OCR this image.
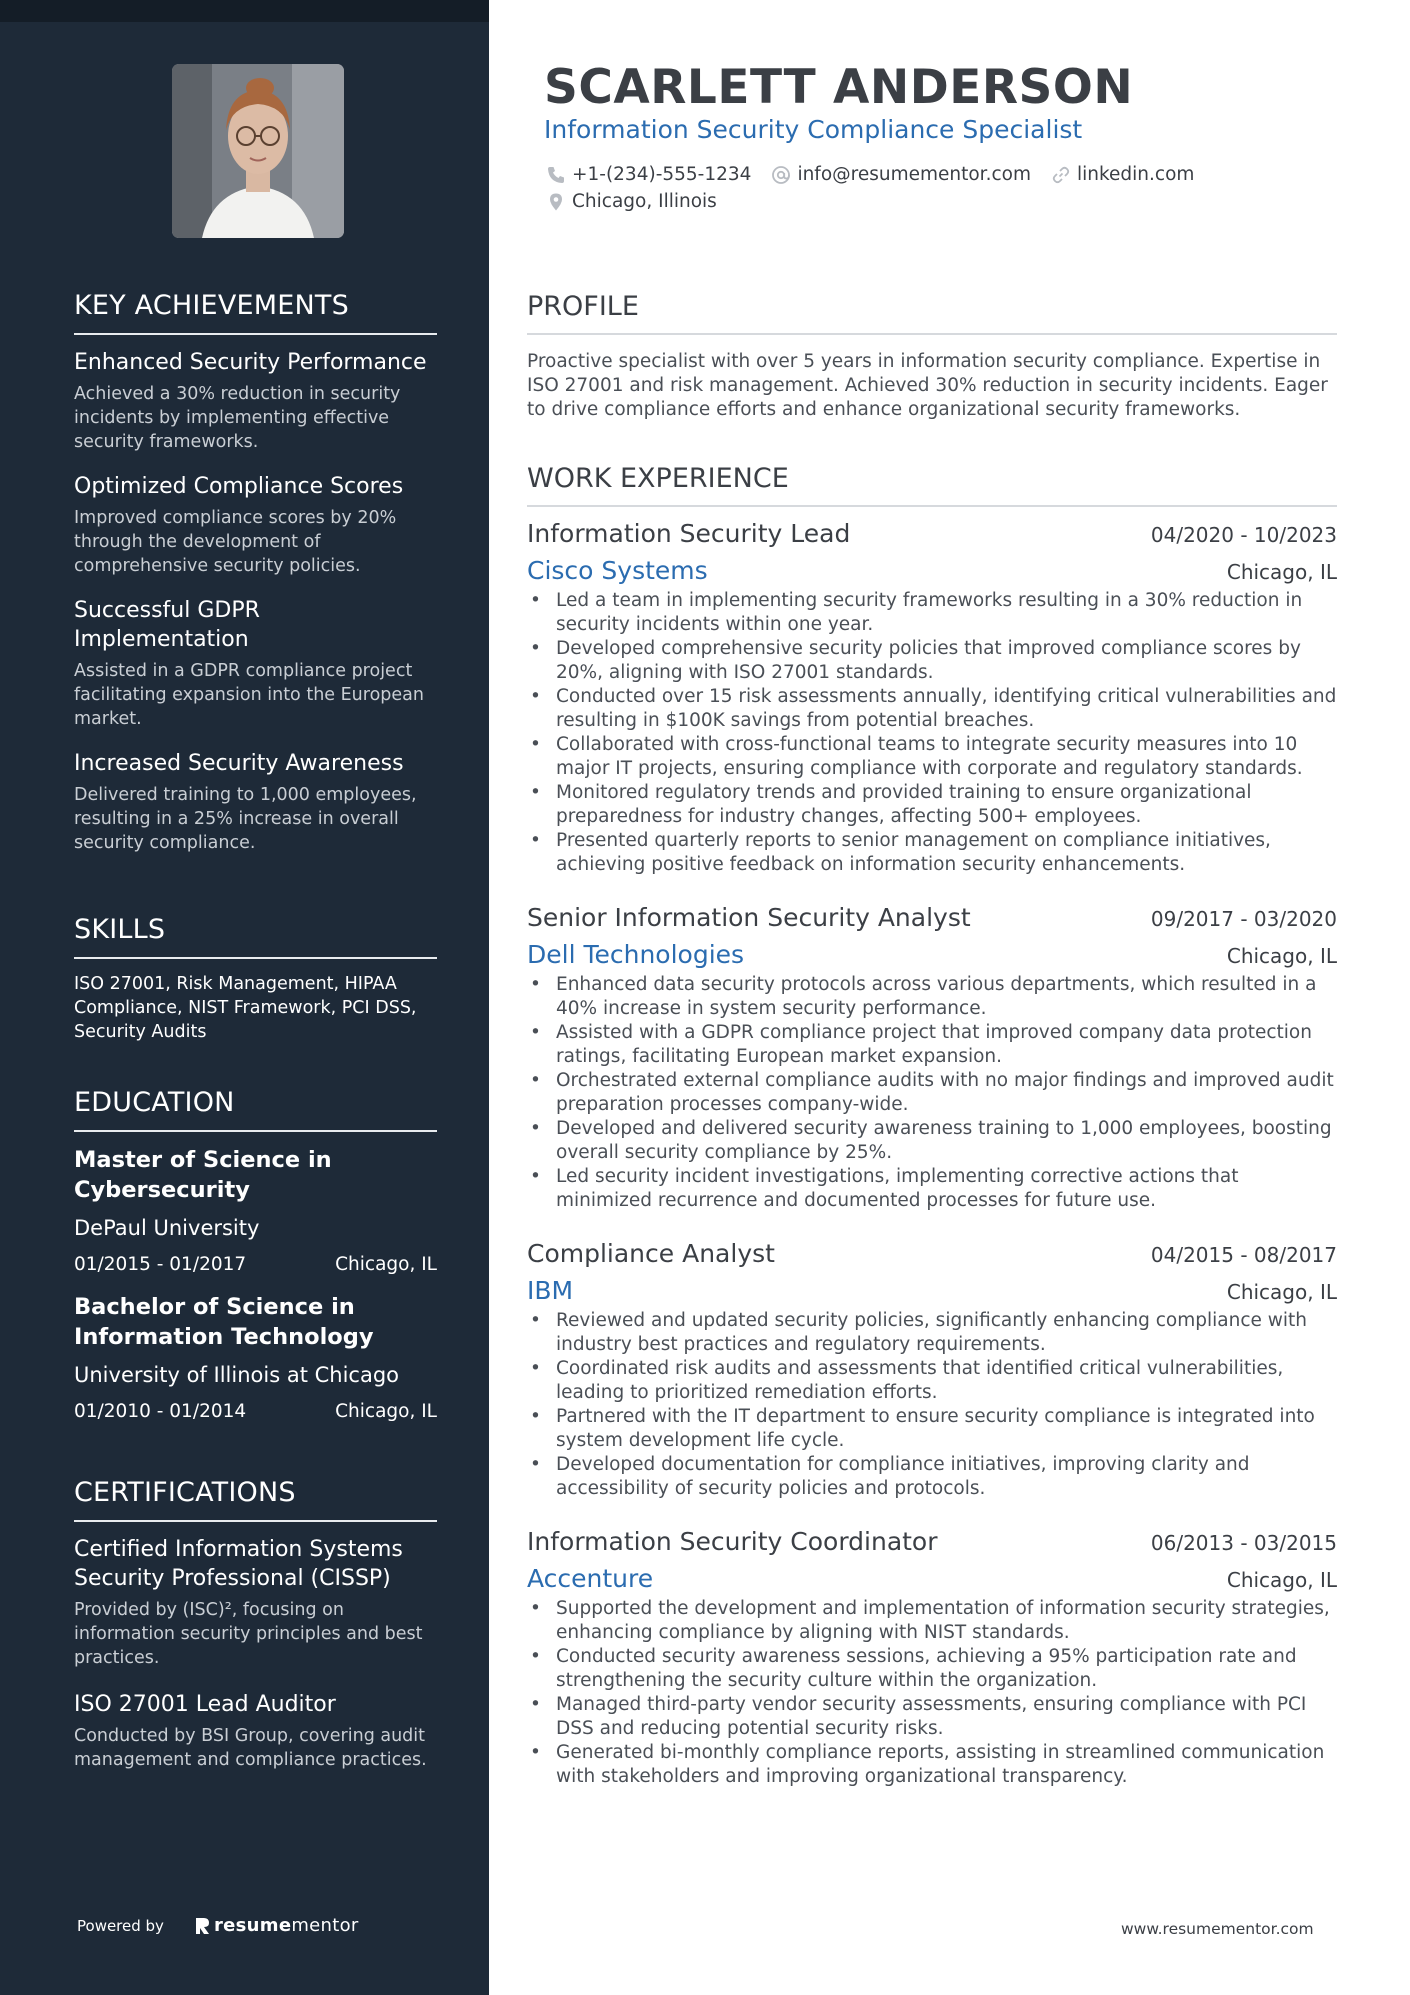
KEY ACHIEVEMENTS
Enhanced Security Performance
Achieved a 30% reduction in security incidents by implementing effective security frameworks.
Optimized Compliance Scores
Improved compliance scores by 20% through the development of comprehensive security policies.
Successful GDPR Implementation
Assisted in a GDPR compliance project facilitating expansion into the European market.
Increased Security Awareness
Delivered training to 1,000 employees, resulting in a 25% increase in overall security compliance.
SKILLS
ISO 27001, Risk Management, HIPAA Compliance, NIST Framework, PCI DSS, Security Audits
EDUCATION
Master of Science in Cybersecurity
DePaul University
01/2015 - 01/2017	Chicago, IL
Bachelor of Science in Information Technology
University of Illinois at Chicago
01/2010 - 01/2014	Chicago, IL
CERTIFICATIONS
Certified Information Systems Security Professional (CISSP)
Provided by (ISC)², focusing on information security principles and best practices.
ISO 27001 Lead Auditor
Conducted by BSI Group, covering audit management and compliance practices.
Powered by	resume mentor
SCARLETT ANDERSON
Information Security Compliance Specialist
+1-(234)-555-1234 info@resumementor.com linkedin.com
Chicago, Illinois
PROFILE
Proactive specialist with over 5 years in information security compliance. Expertise in ISO 27001 and risk management. Achieved 30% reduction in security incidents. Eager to drive compliance efforts and enhance organizational security frameworks.
WORK EXPERIENCE
Information Security Lead	04/2020 - 10/2023
Cisco Systems	Chicago, IL
• Led a team in implementing security frameworks resulting in a 30% reduction in security incidents within one year.
• Developed comprehensive security policies that improved compliance scores by 20%, aligning with ISO 27001 standards.
• Conducted over 15 risk assessments annually, identifying critical vulnerabilities and resulting in $100K savings from potential breaches.
• Collaborated with cross-functional teams to integrate security measures into 10 major IT projects, ensuring compliance with corporate and regulatory standards.
• Monitored regulatory trends and provided training to ensure organizational preparedness for industry changes, affecting 500+ employees.
• Presented quarterly reports to senior management on compliance initiatives, achieving positive feedback on information security enhancements.
Senior Information Security Analyst	09/2017 - 03/2020
Dell Technologies	Chicago, IL
• Enhanced data security protocols across various departments, which resulted in a 40% increase in system security performance.
• Assisted with a GDPR compliance project that improved company data protection ratings, facilitating European market expansion.
• Orchestrated external compliance audits with no major findings and improved audit preparation processes company-wide.
• Developed and delivered security awareness training to 1,000 employees, boosting overall security compliance by 25%.
• Led security incident investigations, implementing corrective actions that minimized recurrence and documented processes for future use.
Compliance Analyst	04/2015 - 08/2017
IBM	Chicago, IL
• Reviewed and updated security policies, significantly enhancing compliance with industry best practices and regulatory requirements.
• Coordinated risk audits and assessments that identified critical vulnerabilities, leading to prioritized remediation efforts.
• Partnered with the IT department to ensure security compliance is integrated into system development life cycle.
• Developed documentation for compliance initiatives, improving clarity and accessibility of security policies and protocols.
Information Security Coordinator	06/2013 - 03/2015
Accenture	Chicago, IL
• Supported the development and implementation of information security strategies, enhancing compliance by aligning with NIST standards.
• Conducted security awareness sessions, achieving a 95% participation rate and strengthening the security culture within the organization.
• Managed third-party vendor security assessments, ensuring compliance with PCI DSS and reducing potential security risks.
• Generated bi-monthly compliance reports, assisting in streamlined communication with stakeholders and improving organizational transparency.
www.resumementor.com
